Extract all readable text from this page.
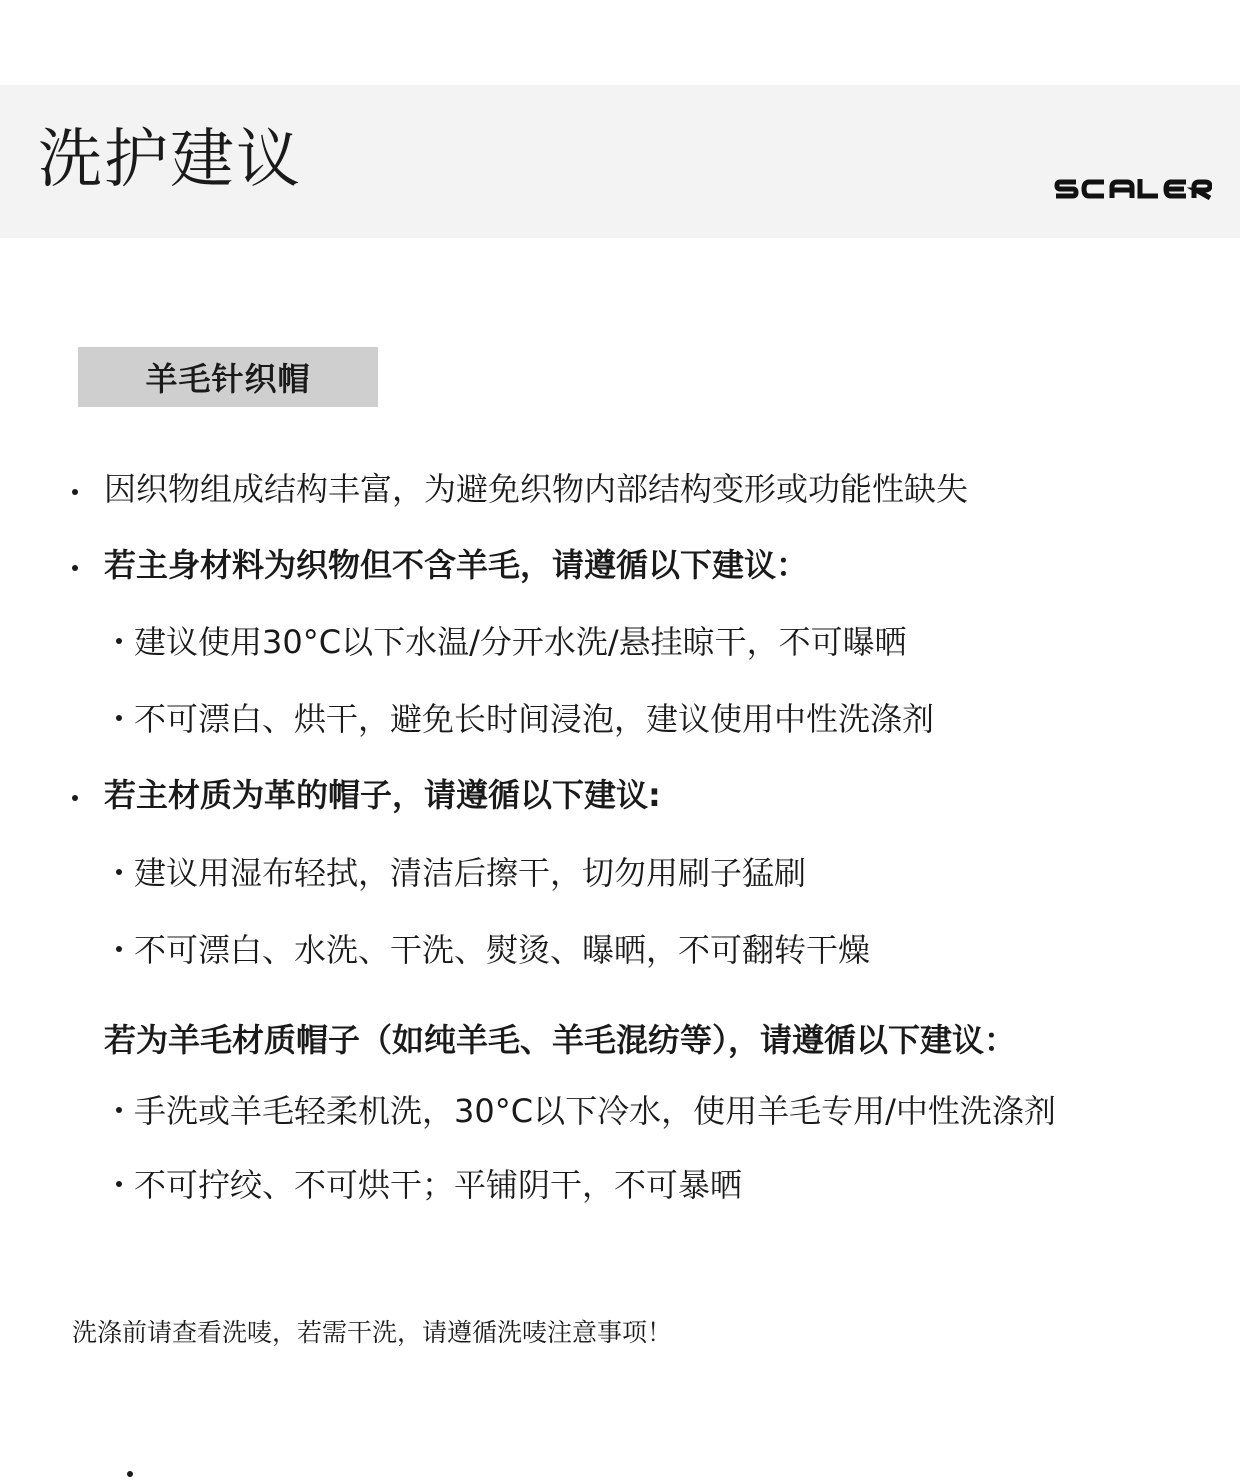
洗护建议
羊毛针织帽
因织物组成结构丰富，为避免织物内部结构变形或功能性缺失
若主身材料为织物但不含羊毛，请遵循以下建议：
建议使用30°C以下水温/分开水洗/悬挂晾干，不可曝晒
不可漂白、烘干，避免长时间浸泡，建议使用中性洗涤剂
若主材质为革的帽子，请遵循以下建议:
建议用湿布轻拭，清洁后擦干，切勿用刷子猛刷
不可漂白、水洗、干洗、熨烫、曝晒，不可翻转干燥
若为羊毛材质帽子（如纯羊毛、羊毛混纺等），请遵循以下建议：
手洗或羊毛轻柔机洗，30°C以下冷水，使用羊毛专用/中性洗涤剂
不可拧绞、不可烘干；平铺阴干，不可暴晒
洗涤前请查看洗唛，若需干洗，请遵循洗唛注意事项！
